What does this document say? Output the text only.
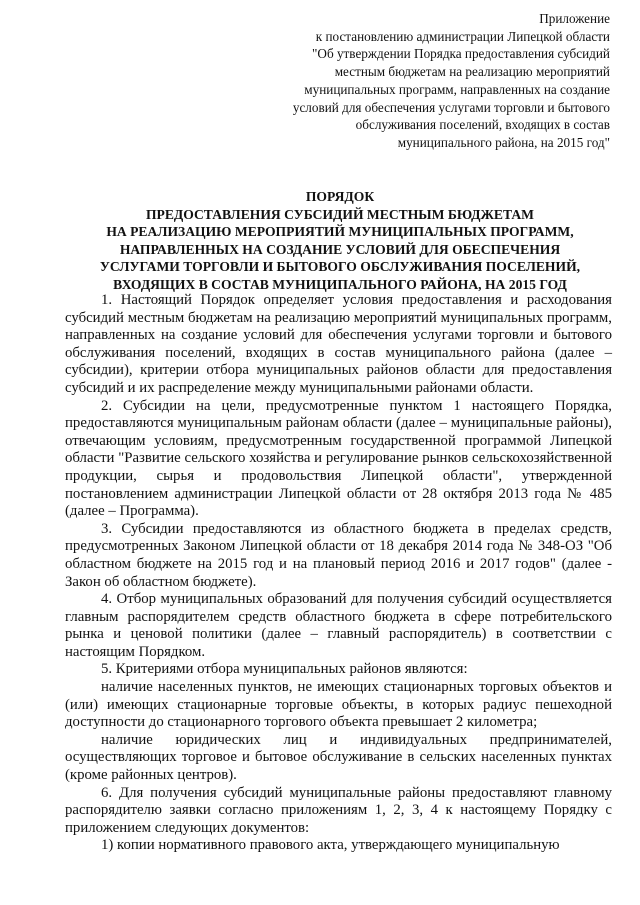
Приложение
к постановлению администрации Липецкой области
"Об утверждении Порядка предоставления субсидий
местным бюджетам на реализацию мероприятий
муниципальных программ, направленных на создание
условий для обеспечения услугами торговли и бытового
обслуживания поселений, входящих в состав
муниципального района, на 2015 год"
ПОРЯДОК
ПРЕДОСТАВЛЕНИЯ СУБСИДИЙ МЕСТНЫМ БЮДЖЕТАМ
НА РЕАЛИЗАЦИЮ МЕРОПРИЯТИЙ МУНИЦИПАЛЬНЫХ ПРОГРАММ,
НАПРАВЛЕННЫХ НА СОЗДАНИЕ УСЛОВИЙ ДЛЯ ОБЕСПЕЧЕНИЯ
УСЛУГАМИ ТОРГОВЛИ И БЫТОВОГО ОБСЛУЖИВАНИЯ ПОСЕЛЕНИЙ,
ВХОДЯЩИХ В СОСТАВ МУНИЦИПАЛЬНОГО РАЙОНА, НА 2015 ГОД

1. Настоящий Порядок определяет условия предоставления и расходования субсидий местным бюджетам на реализацию мероприятий муниципальных программ, направленных на создание условий для обеспечения услугами торговли и бытового обслуживания поселений, входящих в состав муниципального района (далее – субсидии), критерии отбора муниципальных районов области для предоставления субсидий и их распределение между муниципальными районами области.

2. Субсидии на цели, предусмотренные пунктом 1 настоящего Порядка, предоставляются муниципальным районам области (далее – муниципальные районы), отвечающим условиям, предусмотренным государственной программой Липецкой области "Развитие сельского хозяйства и регулирование рынков сельскохозяйственной продукции, сырья и продовольствия Липецкой области", утвержденной постановлением администрации Липецкой области от 28 октября 2013 года № 485 (далее – Программа).

3. Субсидии предоставляются из областного бюджета в пределах средств, предусмотренных Законом Липецкой области от 18 декабря 2014 года № 348-ОЗ "Об областном бюджете на 2015 год и на плановый период 2016 и 2017 годов" (далее - Закон об областном бюджете).

4. Отбор муниципальных образований для получения субсидий осуществляется главным распорядителем средств областного бюджета в сфере потребительского рынка и ценовой политики (далее – главный распорядитель) в соответствии с настоящим Порядком.

5. Критериями отбора муниципальных районов являются:

наличие населенных пунктов, не имеющих стационарных торговых объектов и (или) имеющих стационарные торговые объекты, в которых радиус пешеходной доступности до стационарного торгового объекта превышает 2 километра;

наличие юридических лиц и индивидуальных предпринимателей, осуществляющих торговое и бытовое обслуживание в сельских населенных пунктах (кроме районных центров).

6. Для получения субсидий муниципальные районы предоставляют главному распорядителю заявки согласно приложениям 1, 2, 3, 4 к настоящему Порядку с приложением следующих документов:

1) копии нормативного правового акта, утверждающего муниципальную
